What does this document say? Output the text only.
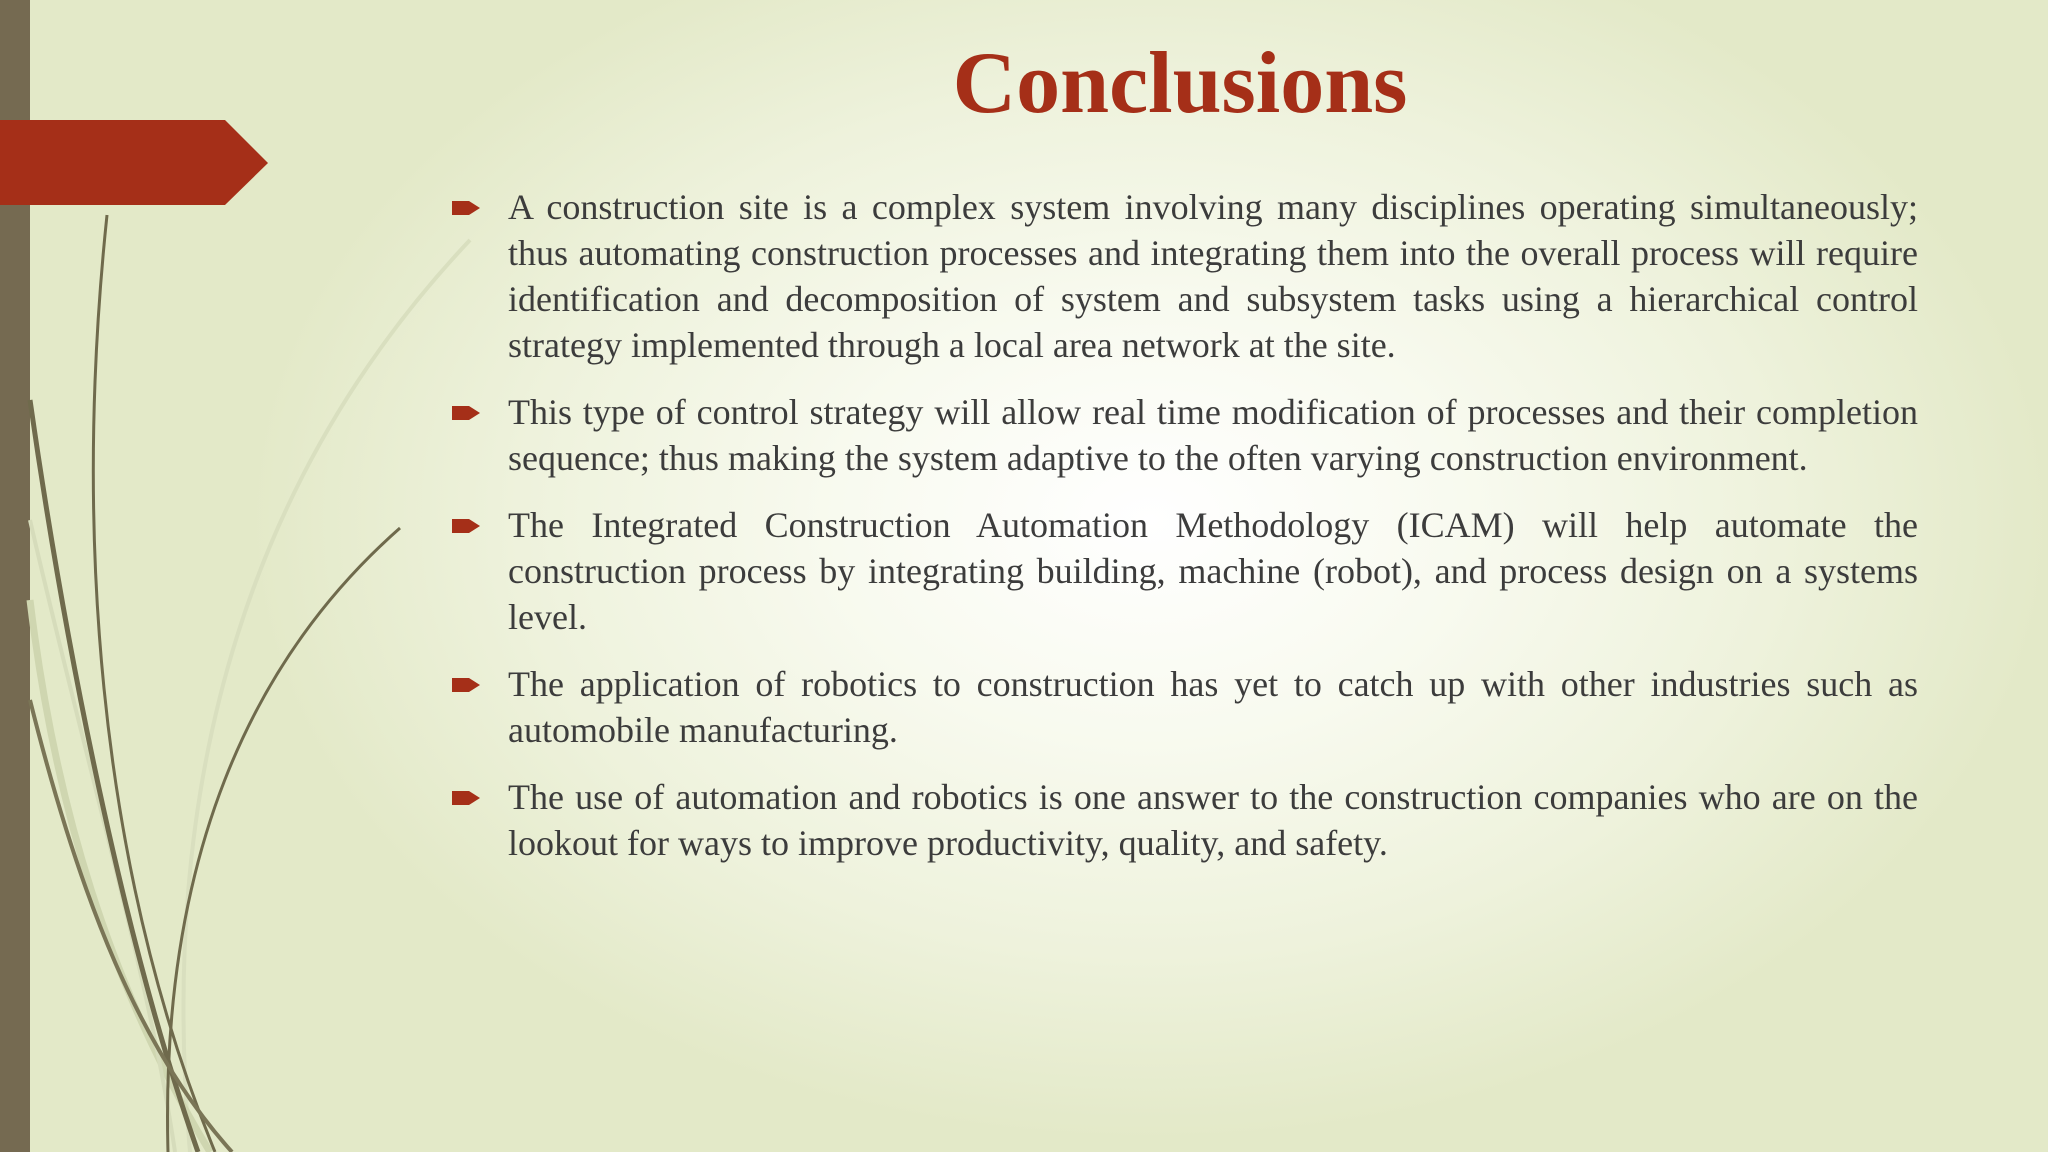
Conclusions
A construction site is a complex system involving many disciplines operating simultaneously; thus automating construction processes and integrating them into the overall process will require identification and decomposition of system and subsystem tasks using a hierarchical control strategy implemented through a local area network at the site.
This type of control strategy will allow real time modification of processes and their completion sequence; thus making the system adaptive to the often varying construction environment.
The Integrated Construction Automation Methodology (ICAM) will help automate the construction process by integrating building, machine (robot), and process design on a systems level.
The application of robotics to construction has yet to catch up with other industries such as automobile manufacturing.
The use of automation and robotics is one answer to the construction companies who are on the lookout for ways to improve productivity, quality, and safety.
